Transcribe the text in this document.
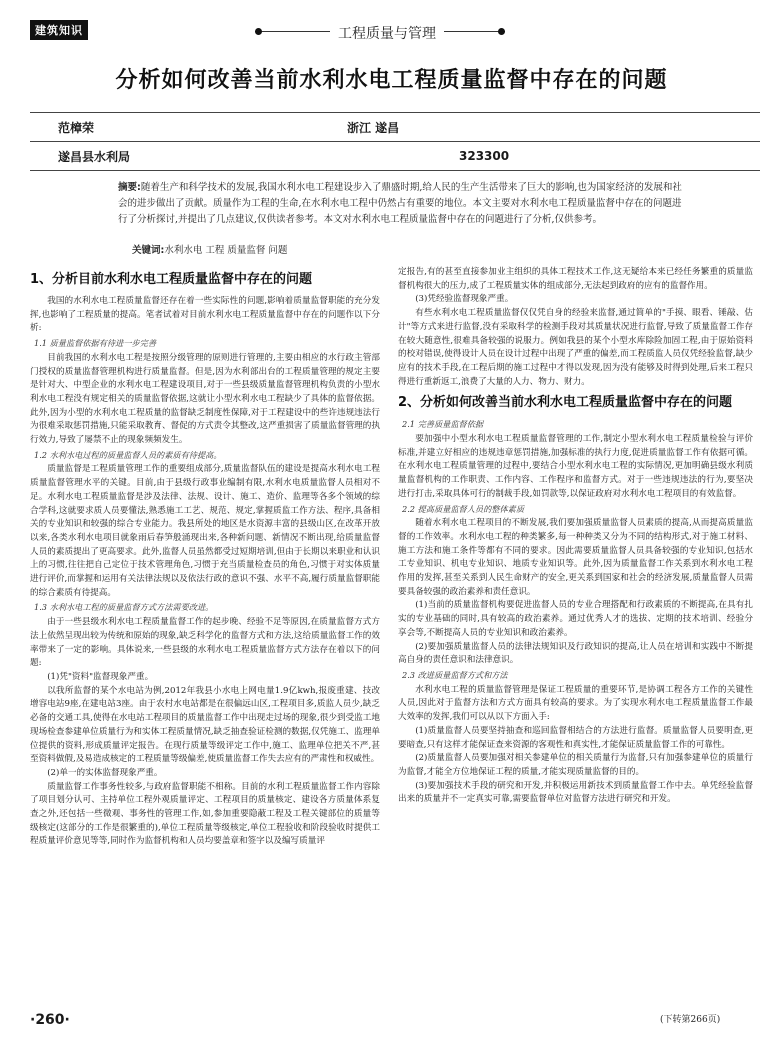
建筑知识	工程质量与管理
分析如何改善当前水利水电工程质量监督中存在的问题
范樟荣	浙江 遂昌
遂昌县水利局	323300
摘要:随着生产和科学技术的发展,我国水利水电工程建设步入了鼎盛时期,给人民的生产生活带来了巨大的影响,也为国家经济的发展和社会的进步做出了贡献。质量作为工程的生命,在水利水电工程中仍然占有重要的地位。本文主要对水利水电工程质量监督中存在的问题进行了分析探讨,并提出了几点建议,仅供读者参考。本文对水利水电工程质量监督中存在的问题进行了分析,仅供参考。
关键词:水利水电 工程 质量监督 问题
1、分析目前水利水电工程质量监督中存在的问题

我国的水利水电工程质量监督还存在着一些实际性的问题,影响着质量监督职能的充分发挥,也影响了工程质量的提高。笔者试着对目前水利水电工程质量监督中存在的问题作以下分析:

1.1 质量监督依据有待进一步完善

目前我国的水利水电工程是按照分级管理的原则进行管理的,主要由相应的水行政主管部门授权的质量监督管理机构进行质量监督。但是,因为水利部出台的工程质量管理的规定主要是针对大、中型企业的水利水电工程建设项目,对于一些县级质量监督管理机构负责的小型水利水电工程没有规定相关的质量监督依据,这就让小型水利水电工程缺少了具体的监督依据。此外,因为小型的水利水电工程质量的监督缺乏制度性保障,对于工程建设中的些许违规违法行为很难采取惩罚措施,只能采取教育、督促的方式责令其整改,这严重损害了质量监督管理的执行效力,导致了屡禁不止的现象频频发生。

1.2 水利水电过程的质量监督人员的素质有待提高。

质量监督是工程质量管理工作的重要组成部分,质量监督队伍的建设是提高水利水电工程质量监督管理水平的关键。目前,由于县级行政事业编制有限,水利水电质量监督人员相对不足。水利水电工程质量监督是涉及法律、法规、设计、施工、造价、监理等各多个领域的综合学科,这就要求质人员要懂法,熟悉施工工艺、规范、规定,掌握质监工作方法、程序,具备相关的专业知识和较强的综合专业能力。我县所处的地区是水资源丰富的县级山区,在改革开放以来,各类水利水电项目就象雨后春笋般涌现出来,各种新问题、新情况不断出现,给质量监督人员的素质提出了更高要求。此外,监督人员虽然都受过短期培训,但由于长期以来职业和认识上的习惯,往往把自己定位于技术管理角色,习惯于充当质量检查员的角色,习惯于对实体质量进行评价,而掌握和运用有关法律法规以及依法行政的意识不强、水平不高,履行质量监督职能的综合素质有待提高。

1.3 水利水电工程的质量监督方式方法需要改进。

由于一些县级水利水电工程质量监督工作的起步晚、经验不足等原因,在质量监督方式方法上依然呈现出较为传统和原始的现象,缺乏科学化的监督方式和方法,这给质量监督工作的效率带来了一定的影响。具体说来,一些县级的水利水电工程质量监督方式方法存在着以下的问题:

(1)凭"资料"监督现象严重。

以我所监督的某个水电站为例,2012年我县小水电上网电量1.9亿kwh,报废重建、技改增容电站9座,在建电站3座。由于农村水电站都是在很偏远山区,工程项目多,质监人员少,缺乏必备的交通工具,使得在水电站工程项目的质量监督工作中出现走过场的现象,很少到受监工地现场检查参建单位质量行为和实体工程质量情况,缺乏抽查验证检测的数据,仅凭施工、监理单位提供的资料,形成质量评定报告。在现行质量等级评定工作中,施工、监理单位把关不严,甚至资料做假,及易造成核定的工程质量等级偏差,使质量监督工作失去应有的严肃性和权威性。

(2)单一的实体监督现象严重。

质量监督工作事务性较多,与政府监督职能不相称。目前的水利工程质量监督工作内容除了项目划分认可、主持单位工程外观质量评定、工程项目的质量核定、建设各方质量体系复查之外,还包括一些微观、事务性的管理工作,如,参加重要隐蔽工程及工程关键部位的质量等级核定(这部分的工作是很繁重的),单位工程质量等级核定,单位工程验收和阶段验收时提供工程质量评价意见等等,同时作为监督机构和人员均要盖章和签字以及编写质量评

定报告,有的甚至直接参加业主组织的具体工程技术工作,这无疑给本来已经任务繁重的质量监督机构很大的压力,成了工程质量实体的组成部分,无法起到政府的应有的监督作用。

(3)凭经验监督现象严重。

有些水利水电工程质量监督仅仅凭自身的经验来监督,通过简单的"手摸、眼看、锤敲、估计"等方式来进行监督,没有采取科学的检测手段对其质量状况进行监督,导致了质量监督工作存在较大随意性,很难具备较强的说服力。例如我县的某个小型水库除险加固工程,由于原始资料的校对错误,使得设计人员在设计过程中出现了严重的偏差,而工程质监人员仅凭经验监督,缺少应有的技术手段,在工程后期的施工过程中才得以发现,因为没有能够及时得到处理,后来工程只得进行重新返工,浪费了大量的人力、物力、财力。

2、分析如何改善当前水利水电工程质量监督中存在的问题
2.1 完善质量监督依据

要加强中小型水利水电工程质量监督管理的工作,制定小型水利水电工程质量检验与评价标准,并建立好相应的违规违章惩罚措施,加强标准的执行力度,促进质量监督工作有依据可循。在水利水电工程质量管理的过程中,要结合小型水利水电工程的实际情况,更加明确县级水利质量监督机构的工作职责、工作内容、工作程序和监督方式。对于一些违规违法的行为,要坚决进行打击,采取具体可行的制裁手段,如罚款等,以保证政府对水利水电工程项目的有效监督。

2.2 提高质量监督人员的整体素质

随着水利水电工程项目的不断发展,我们要加强质量监督人员素质的提高,从而提高质量监督的工作效率。水利水电工程的种类繁多,每一种种类又分为不同的结构形式,对于施工材料、施工方法和施工条件等都有不同的要求。因此需要质量监督人员具备较强的专业知识,包括水工专业知识、机电专业知识、地质专业知识等。此外,因为质量监督工作关系到水利水电工程作用的发挥,甚至关系到人民生命财产的安全,更关系到国家和社会的经济发展,质量监督人员需要具备较强的政治素养和责任意识。

(1)当前的质量监督机构要促进监督人员的专业合理搭配和行政素质的不断提高,在具有扎实的专业基础的同时,具有较高的政治素养。通过优秀人才的选拔、定期的技术培训、经验分享会等,不断提高人员的专业知识和政治素养。

(2)要加强质量监督人员的法律法规知识及行政知识的提高,让人员在培训和实践中不断提高自身的责任意识和法律意识。

2.3 改进质量监督方式和方法

水利水电工程的质量监督管理是保证工程质量的重要环节,是协调工程各方工作的关键性人员,因此对于监督方法和方式方面具有较高的要求。为了实现水利水电工程质量监督工作最大效率的发挥,我们可以从以下方面入手:

(1)质量监督人员要坚持抽查和巡回监督相结合的方法进行监督。质量监督人员要明查,更要暗查,只有这样才能保证查来资源的客观性和真实性,才能保证质量监督工作的可靠性。

(2)质量监督人员要加强对相关参建单位的相关质量行为监督,只有加强参建单位的质量行为监督,才能全方位地保证工程的质量,才能实现质量监督的目的。

(3)要加强技术手段的研究和开发,并积极运用新技术到质量监督工作中去。单凭经验监督出来的质量并不一定真实可靠,需要监督单位对监督方法进行研究和开发。

·260·	(下转第266页)
